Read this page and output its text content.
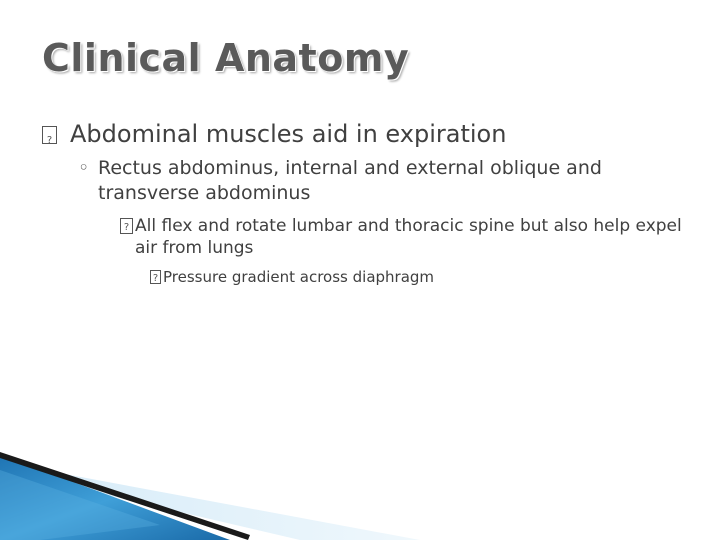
Clinical Anatomy
?
Abdominal muscles aid in expiration
◦ Rectus abdominus, internal and external oblique and transverse abdominus
?
All flex and rotate lumbar and thoracic spine but also help expel air from lungs
?
Pressure gradient across diaphragm
